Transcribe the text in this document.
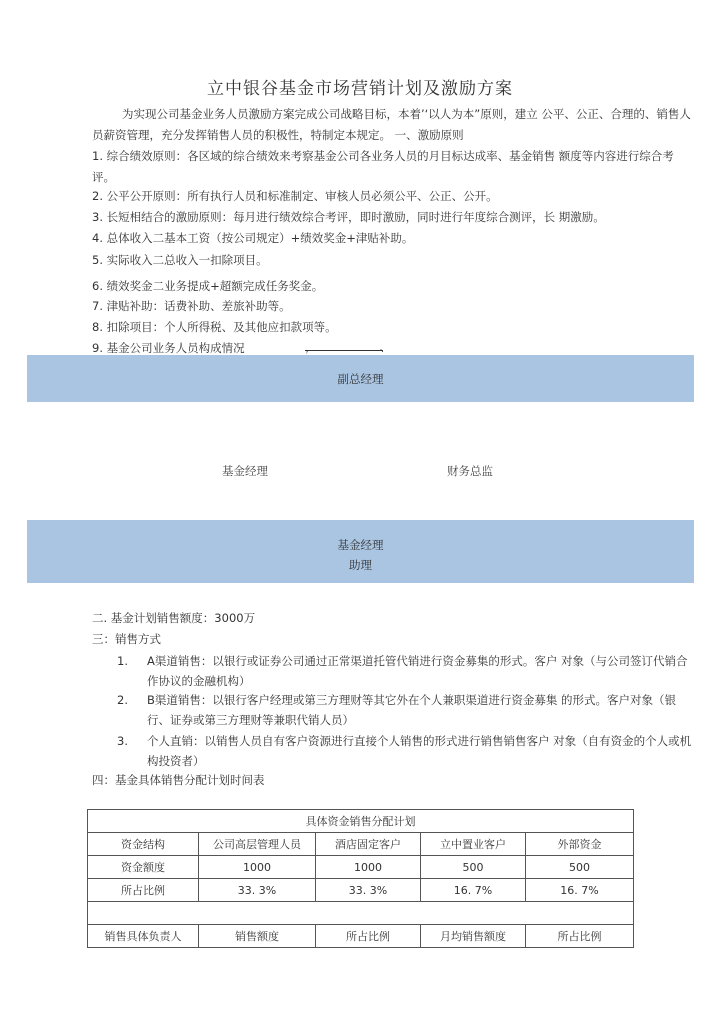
立中银谷基金市场营销计划及激励方案
为实现公司基金业务人员激励方案完成公司战略目标，本着’‘以人为本”原则，建立 公平、公正、合理的、销售人员薪资管理，充分发挥销售人员的积极性，特制定本规定。 一、激励原则
1. 综合绩效原则：各区域的综合绩效来考察基金公司各业务人员的月目标达成率、基金销售 额度等内容进行综合考评。
2. 公平公开原则：所有执行人员和标准制定、审核人员必须公平、公正、公开。
3. 长短相结合的激励原则：每月进行绩效综合考评，即时激励，同时进行年度综合测评，长 期激励。
4. 总体收入二基本工资（按公司规定）+绩效奖金+津贴补助。
5. 实际收入二总收入一扣除项目。
6. 绩效奖金二业务提成+超额完成任务奖金。
7. 津贴补助：话费补助、差旅补助等。
8. 扣除项目：个人所得税、及其他应扣款项等。
9. 基金公司业务人员构成情况	，　　　　　　、
副总经理
基金经理	财务总监
基金经理
助理
二. 基金计划销售额度：3000万
三：销售方式
1. A渠道销售：以银行或证券公司通过正常渠道托管代销进行资金募集的形式。客户 对象（与公司签订代销合作协议的金融机构）
2. B渠道销售：以银行客户经理或第三方理财等其它外在个人兼职渠道进行资金募集 的形式。客户对象（银行、证券或第三方理财等兼职代销人员）
3. 个人直销：以销售人员自有客户资源进行直接个人销售的形式进行销售销售客户 对象（自有资金的个人或机构投资者）
四：基金具体销售分配计划时间表
具体资金销售分配计划				
资金结构	公司高层管理人员	酒店固定客户	立中置业客户	外部资金
资金额度	1000	1000	500	500
所占比例	33. 3%	33. 3%	16. 7%	16. 7%

销售具体负责人	销售额度	所占比例	月均销售额度	所占比例
